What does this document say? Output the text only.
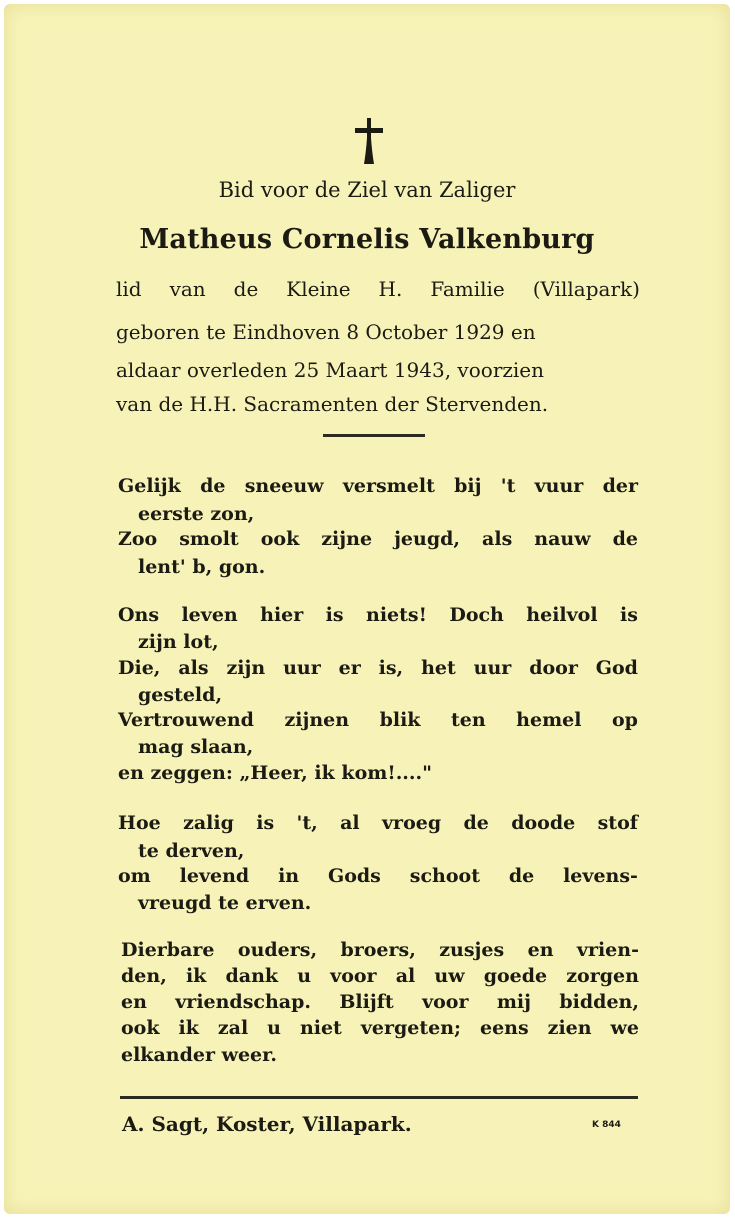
Bid voor de Ziel van Zaliger
Matheus Cornelis Valkenburg
lid van de Kleine H. Familie (Villapark)
geboren te Eindhoven 8 October 1929 en
aldaar overleden 25 Maart 1943, voorzien
van de H.H. Sacramenten der Stervenden.
Gelijk de sneeuw versmelt bij 't vuur der
eerste zon,
Zoo smolt ook zijne jeugd, als nauw de
lent' b, gon.
Ons leven hier is niets! Doch heilvol is
zijn lot,
Die, als zijn uur er is, het uur door God
gesteld,
Vertrouwend zijnen blik ten hemel op
mag slaan,
en zeggen: „Heer, ik kom!...."
Hoe zalig is 't, al vroeg de doode stof
te derven,
om levend in Gods schoot de levens-
vreugd te erven.
Dierbare ouders, broers, zusjes en vrien-
den, ik dank u voor al uw goede zorgen
en vriendschap. Blijft voor mij bidden,
ook ik zal u niet vergeten; eens zien we
elkander weer.
A. Sagt, Koster, Villapark.	K 844
